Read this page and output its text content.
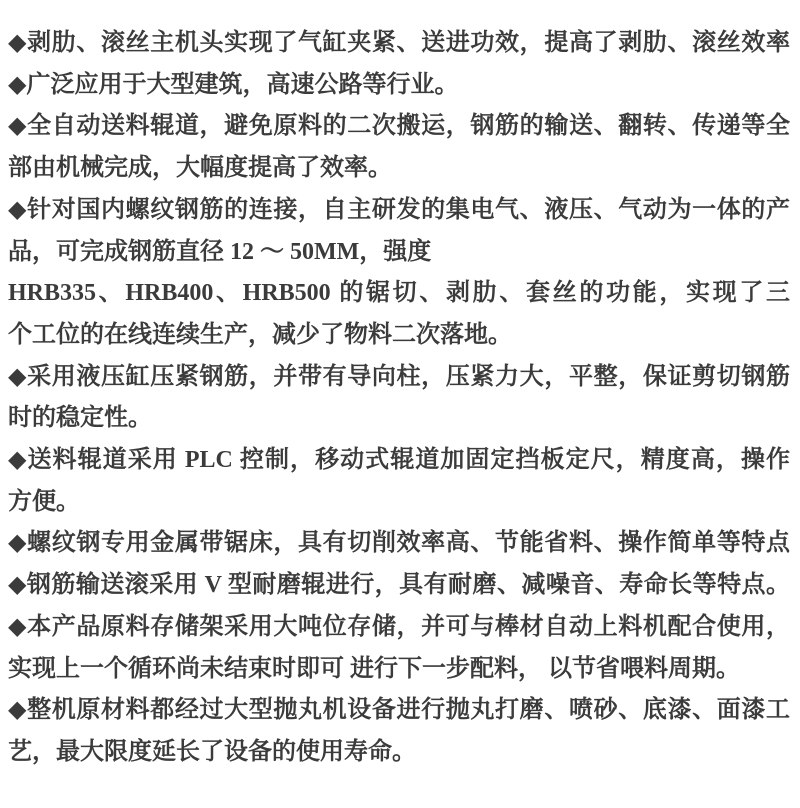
◆剥肋、滚丝主机头实现了气缸夹紧、送进功效，提高了剥肋、滚丝效率

◆广泛应用于大型建筑，高速公路等行业。

◆全自动送料辊道，避免原料的二次搬运，钢筋的输送、翻转、传递等全
部由机械完成，大幅度提高了效率。

◆针对国内螺纹钢筋的连接，自主研发的集电气、液压、气动为一体的产
品，可完成钢筋直径 12 ～ 50MM，强度
HRB335、HRB400、HRB500 的锯切、剥肋、套丝的功能，实现了三
个工位的在线连续生产，减少了物料二次落地。

◆采用液压缸压紧钢筋，并带有导向柱，压紧力大，平整，保证剪切钢筋
时的稳定性。

◆送料辊道采用 PLC 控制，移动式辊道加固定挡板定尺，精度高，操作
方便。

◆螺纹钢专用金属带锯床，具有切削效率高、节能省料、操作简单等特点

◆钢筋输送滚采用 V 型耐磨辊进行，具有耐磨、减噪音、寿命长等特点。

◆本产品原料存储架采用大吨位存储，并可与棒材自动上料机配合使用，
实现上一个循环尚未结束时即可 进行下一步配料， 以节省喂料周期。

◆整机原材料都经过大型抛丸机设备进行抛丸打磨、喷砂、底漆、面漆工
艺，最大限度延长了设备的使用寿命。
